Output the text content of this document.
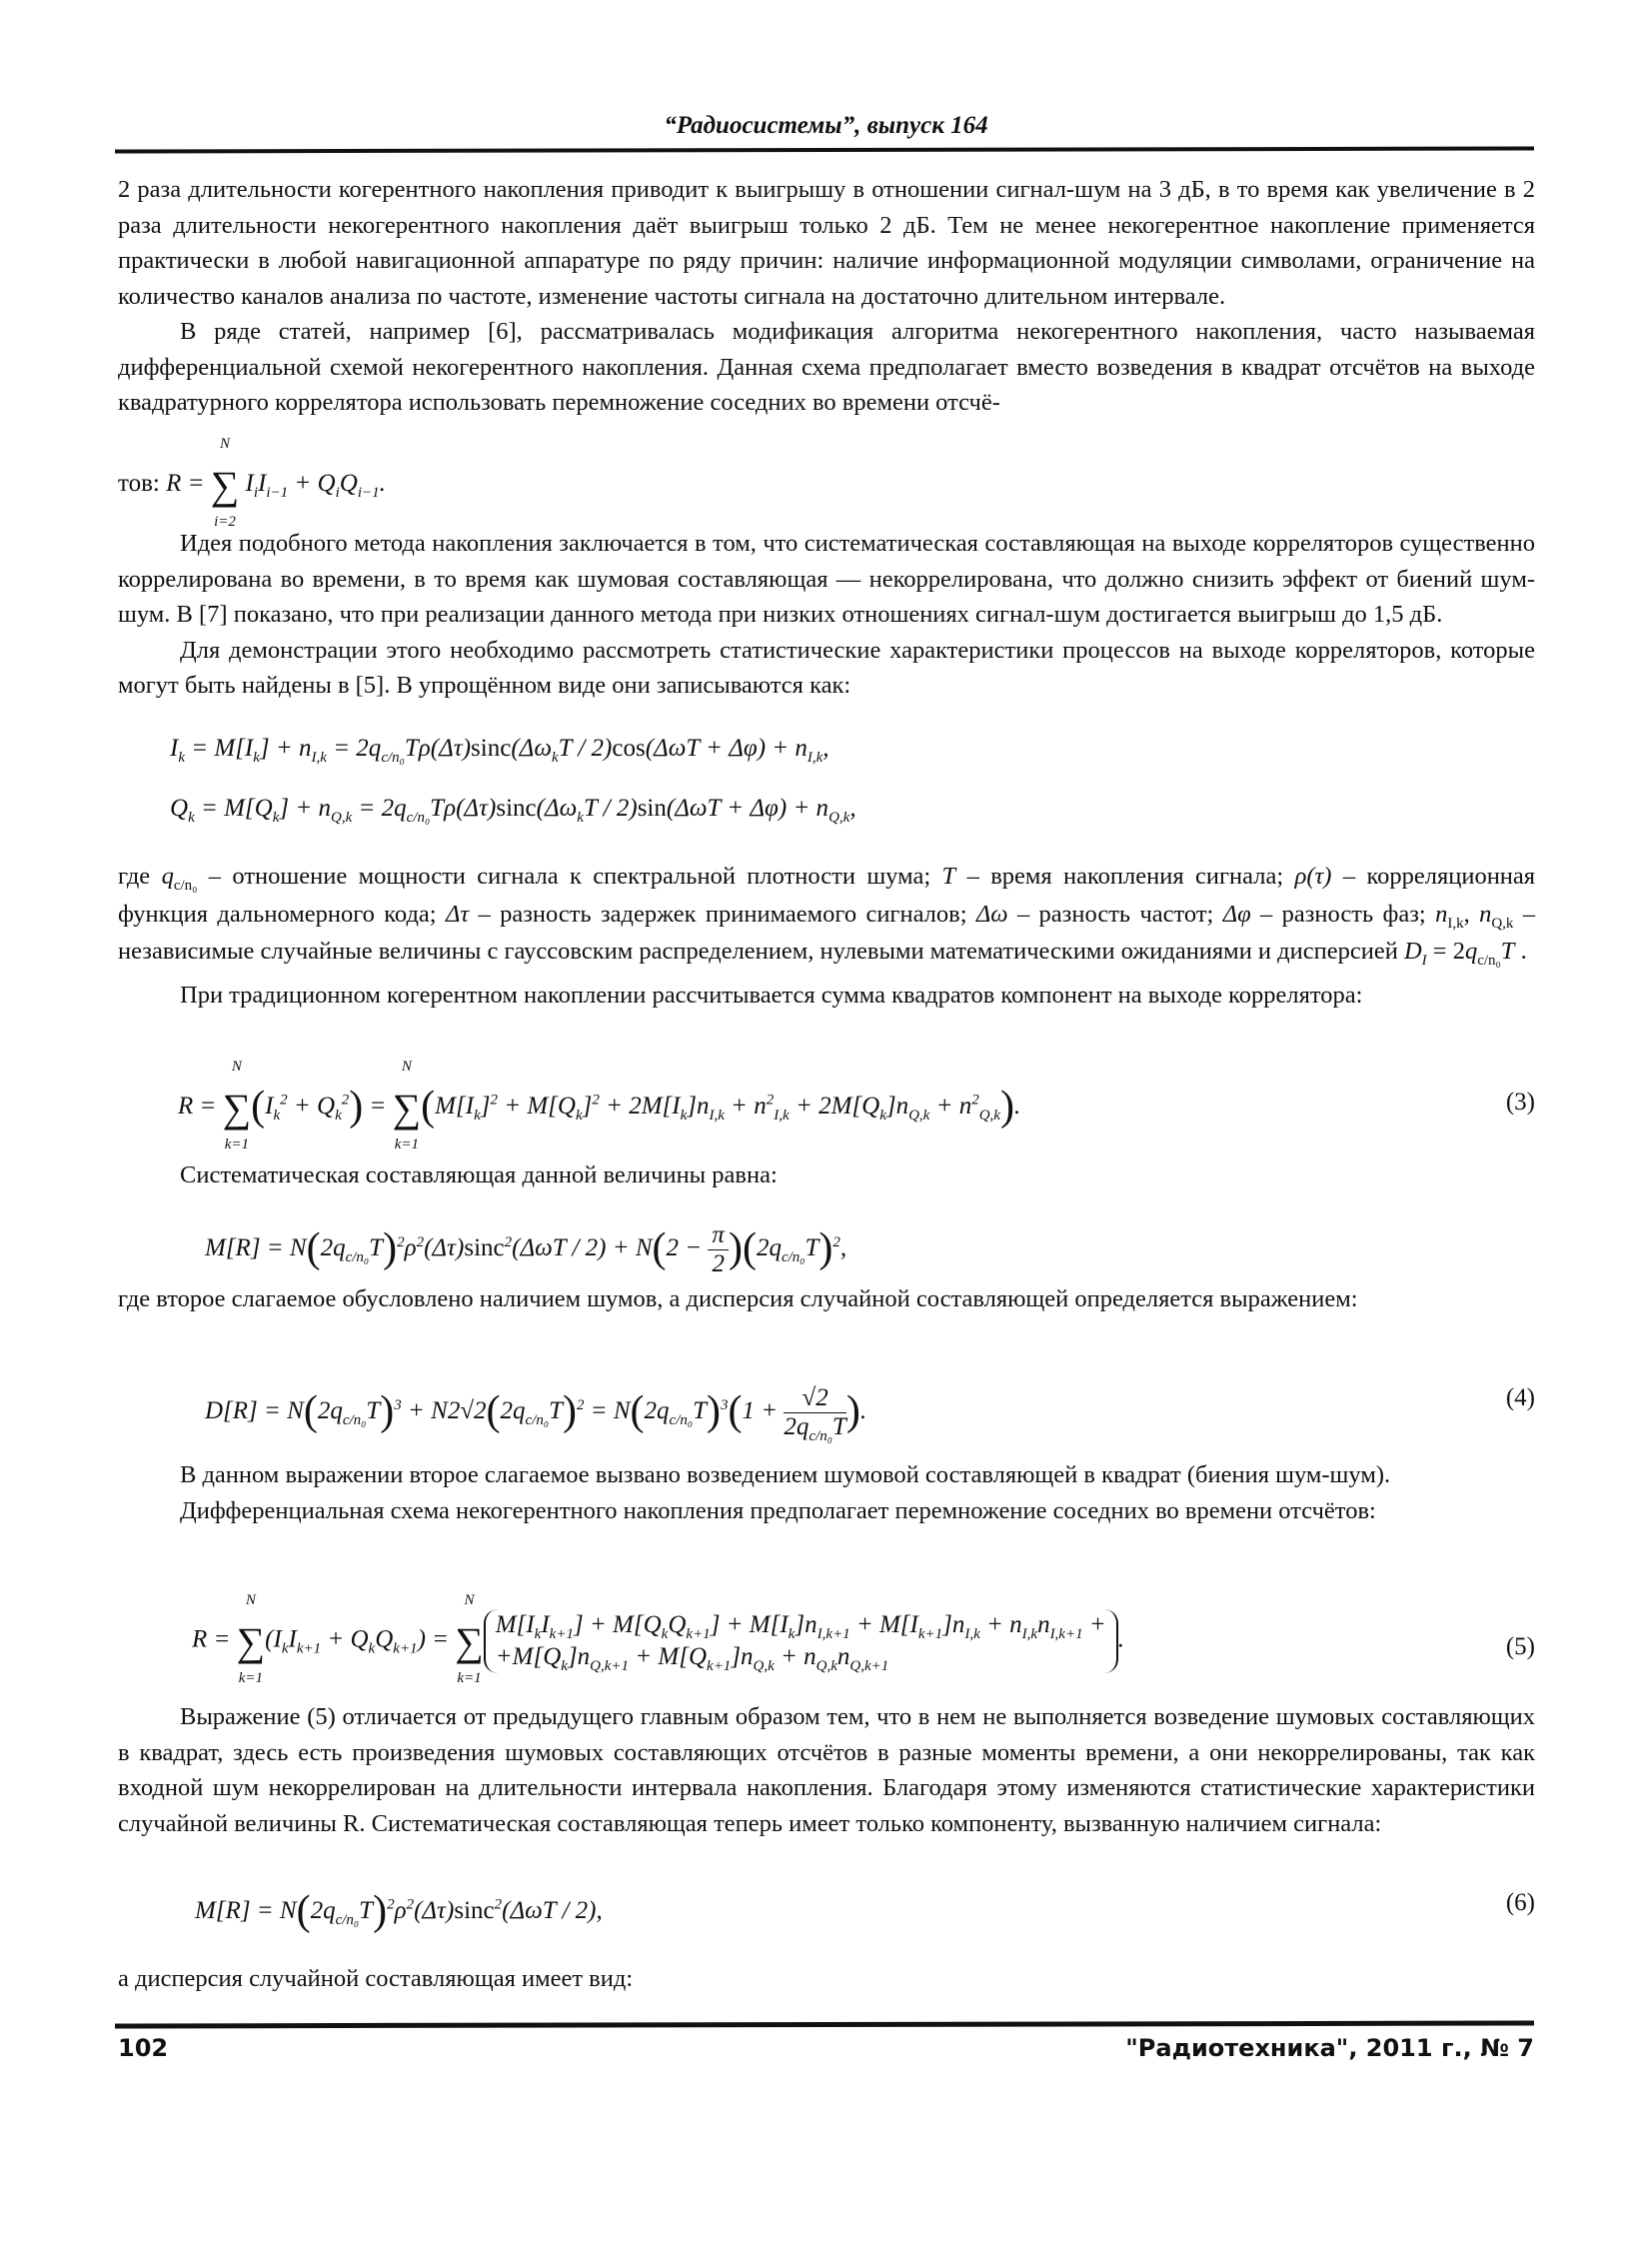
“Радиосистемы”, выпуск 164

2 раза длительности когерентного накопления приводит к выигрышу в отношении сигнал-шум на 3 дБ, в то время как увеличение в 2 раза длительности некогерентного накопления даёт выигрыш только 2 дБ. Тем не менее некогерентное накопление применяется практически в любой навигационной аппаратуре по ряду причин: наличие информационной модуляции символами, ограничение на количество каналов анализа по частоте, изменение частоты сигнала на достаточно длительном интервале.

В ряде статей, например [6], рассматривалась модификация алгоритма некогерентного накопления, часто называемая дифференциальной схемой некогерентного накопления. Данная схема предполагает вместо возведения в квадрат отсчётов на выходе квадратурного коррелятора использовать перемножение соседних во времени отсчё-

тов: R =
N
∑
i=2
$I_iI_{i-1} + Q_iQ_{i-1}$.

Идея подобного метода накопления заключается в том, что систематическая составляющая на выходе корреляторов существенно коррелирована во времени, в то время как шумовая составляющая — некоррелирована, что должно снизить эффект от биений шум-шум. В [7] показано, что при реализации данного метода при низких отношениях сигнал-шум достигается выигрыш до 1,5 дБ.

Для демонстрации этого необходимо рассмотреть статистические характеристики процессов на выходе корреляторов, которые могут быть найдены в [5]. В упрощённом виде они записываются как:

$I_k = M[I_k] + n_{I,k} = 2q_{c/n_0}T\rho(\Delta\tau)\sin c(\Delta\omega_kT / 2)\cos(\Delta\omega T + \Delta\varphi) + n_{I,k}$,
$Q_k = M[Q_k] + n_{Q,k} = 2q_{c/n_0}T\rho(\Delta\tau)\sin c(\Delta\omega_kT / 2)\sin(\Delta\omega T + \Delta\varphi) + n_{Q,k}$,

где $q_{c/n_0}$ – отношение мощности сигнала к спектральной плотности шума; T – время накопления сигнала; ρ(τ) – корреляционная функция дальномерного кода; Δτ – разность задержек принимаемого сигналов; Δω – разность частот; Δφ – разность фаз; $n_{I,k}$, $n_{Q,k}$ – независимые случайные величины с гауссовским распределением, нулевыми математическими ожиданиями и дисперсией $D_I = 2q_{c/n_0}T$ .

При традиционном когерентном накоплении рассчитывается сумма квадратов компонент на выходе коррелятора:

R =
N
∑
k=1
$(I_k^2 + Q_k^2)$ =
N
∑
k=1
$(M[I_k]^2 + M[Q_k]^2 + 2M[I_k]n_{I,k} + n^2_{I,k} + 2M[Q_k]n_{Q,k} + n^2_{Q,k})$.	(3)

Систематическая составляющая данной величины равна:

$M[R] = N(2q_{c/n_0}T)^2\rho^2(\Delta\tau)\sin c^2(\Delta\omega T / 2) + N(2 - \frac{\pi}{2} )(2q_{c/n_0}T)^2$,

где второе слагаемое обусловлено наличием шумов, а дисперсия случайной составляющей определяется выражением:

$D[R] = N(2q_{c/n_0}T)^3 + N2√2(2q_{c/n_0}T)^2 = N(2q_{c/n_0}T)^3(1 + \frac{√2}{2q_{c/n_0}T}$ ).	(4)

В данном выражении второе слагаемое вызвано возведением шумовой составляющей в квадрат (биения шум-шум).

Дифференциальная схема некогерентного накопления предполагает перемножение соседних во времени отсчётов:

R =
N
∑
k=1
$(I_kI_{k+1} + Q_kQ_{k+1})$ =
N
∑
k=1
$M[I_kI_{k+1}] + M[Q_kQ_{k+1}] + M[I_k]n_{I,k+1} + M[I_{k+1}]n_{I,k} + n_{I,k}n_{I,k+1}$ +
$+M[Q_k]n_{Q,k+1} + M[Q_{k+1}]n_{Q,k} + n_{Q,k}n_{Q,k+1}$
.	(5)

Выражение (5) отличается от предыдущего главным образом тем, что в нем не выполняется возведение шумовых составляющих в квадрат, здесь есть произведения шумовых составляющих отсчётов в разные моменты времени, а они некоррелированы, так как входной шум некоррелирован на длительности интервала накопления. Благодаря этому изменяются статистические характеристики случайной величины R. Систематическая составляющая теперь имеет только компоненту, вызванную наличием сигнала:

$M[R] = N(2q_{c/n_0}T)^2\rho^2(\Delta\tau)\sin c^2(\Delta\omega T / 2)$,	(6)

а дисперсия случайной составляющая имеет вид:

102	"Радиотехника", 2011 г., № 7
